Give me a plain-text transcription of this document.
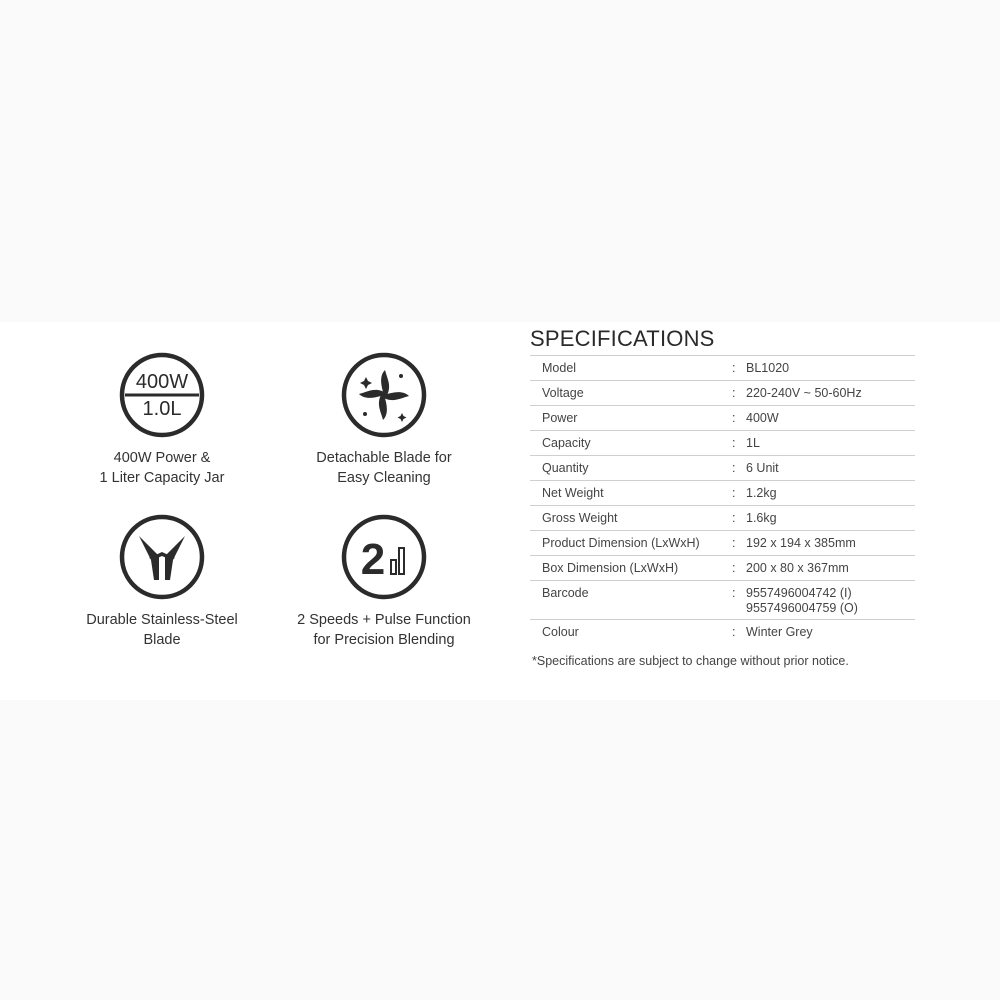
400W
1.0L
400W Power &
1 Liter Capacity Jar
Detachable Blade for
Easy Cleaning
Durable Stainless-Steel
Blade
2
2 Speeds + Pulse Function
for Precision Blending
SPECIFICATIONS
Model	: BL1020
Voltage	: 220-240V ~ 50-60Hz
Power	: 400W
Capacity	: 1L
Quantity	: 6 Unit
Net Weight	: 1.2kg
Gross Weight	: 1.6kg
Product Dimension (LxWxH)	: 192 x 194 x 385mm
Box Dimension (LxWxH)	: 200 x 80 x 367mm
Barcode	: 9557496004742 (I)
9557496004759 (O)
Colour	: Winter Grey
*Specifications are subject to change without prior notice.
